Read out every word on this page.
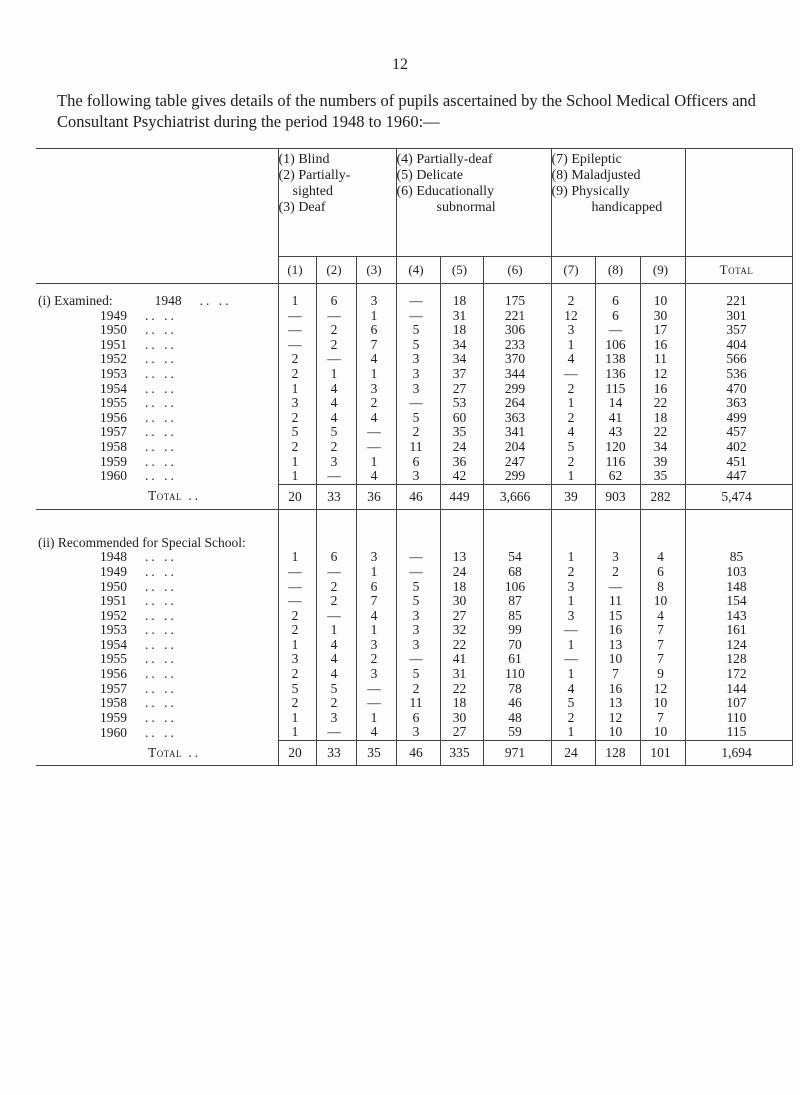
12
The following table gives details of the numbers of pupils ascertained by the School Medical Officers and Consultant Psychiatrist during the period 1948 to 1960:—
	(1) Blind
(2) Partially-

sighted
(3) Deaf			(4) Partially-deaf
(5) Delicate
(6) Educationally

subnormal			(7) Epileptic
(8) Maladjusted
(9) Physically

handicapped			

	(1)	(2)	(3)	(4)	(5)	(6)	(7)	(8)	(9)	Total

(i) Examined: 1948 .. ..	1	6	3	—	18	175	2	6	10	221
1949 .. ..	—	—	1	—	31	221	12	6	30	301
1950 .. ..	—	2	6	5	18	306	3	—	17	357
1951 .. ..	—	2	7	5	34	233	1	106	16	404
1952 .. ..	2	—	4	3	34	370	4	138	11	566
1953 .. ..	2	1	1	3	37	344	—	136	12	536
1954 .. ..	1	4	3	3	27	299	2	115	16	470
1955 .. ..	3	4	2	—	53	264	1	14	22	363
1956 .. ..	2	4	4	5	60	363	2	41	18	499
1957 .. ..	5	5	—	2	35	341	4	43	22	457
1958 .. ..	2	2	—	11	24	204	5	120	34	402
1959 .. ..	1	3	1	6	36	247	2	116	39	451
1960 .. ..	1	—	4	3	42	299	1	62	35	447
Total ..	20	33	36	46	449	3,666	39	903	282	5,474

(ii) Recommended for Special School:										
1948 .. ..	1	6	3	—	13	54	1	3	4	85
1949 .. ..	—	—	1	—	24	68	2	2	6	103
1950 .. ..	—	2	6	5	18	106	3	—	8	148
1951 .. ..	—	2	7	5	30	87	1	11	10	154
1952 .. ..	2	—	4	3	27	85	3	15	4	143
1953 .. ..	2	1	1	3	32	99	—	16	7	161
1954 .. ..	1	4	3	3	22	70	1	13	7	124
1955 .. ..	3	4	2	—	41	61	—	10	7	128
1956 .. ..	2	4	3	5	31	110	1	7	9	172
1957 .. ..	5	5	—	2	22	78	4	16	12	144
1958 .. ..	2	2	—	11	18	46	5	13	10	107
1959 .. ..	1	3	1	6	30	48	2	12	7	110
1960 .. ..	1	—	4	3	27	59	1	10	10	115
Total ..	20	33	35	46	335	971	24	128	101	1,694
